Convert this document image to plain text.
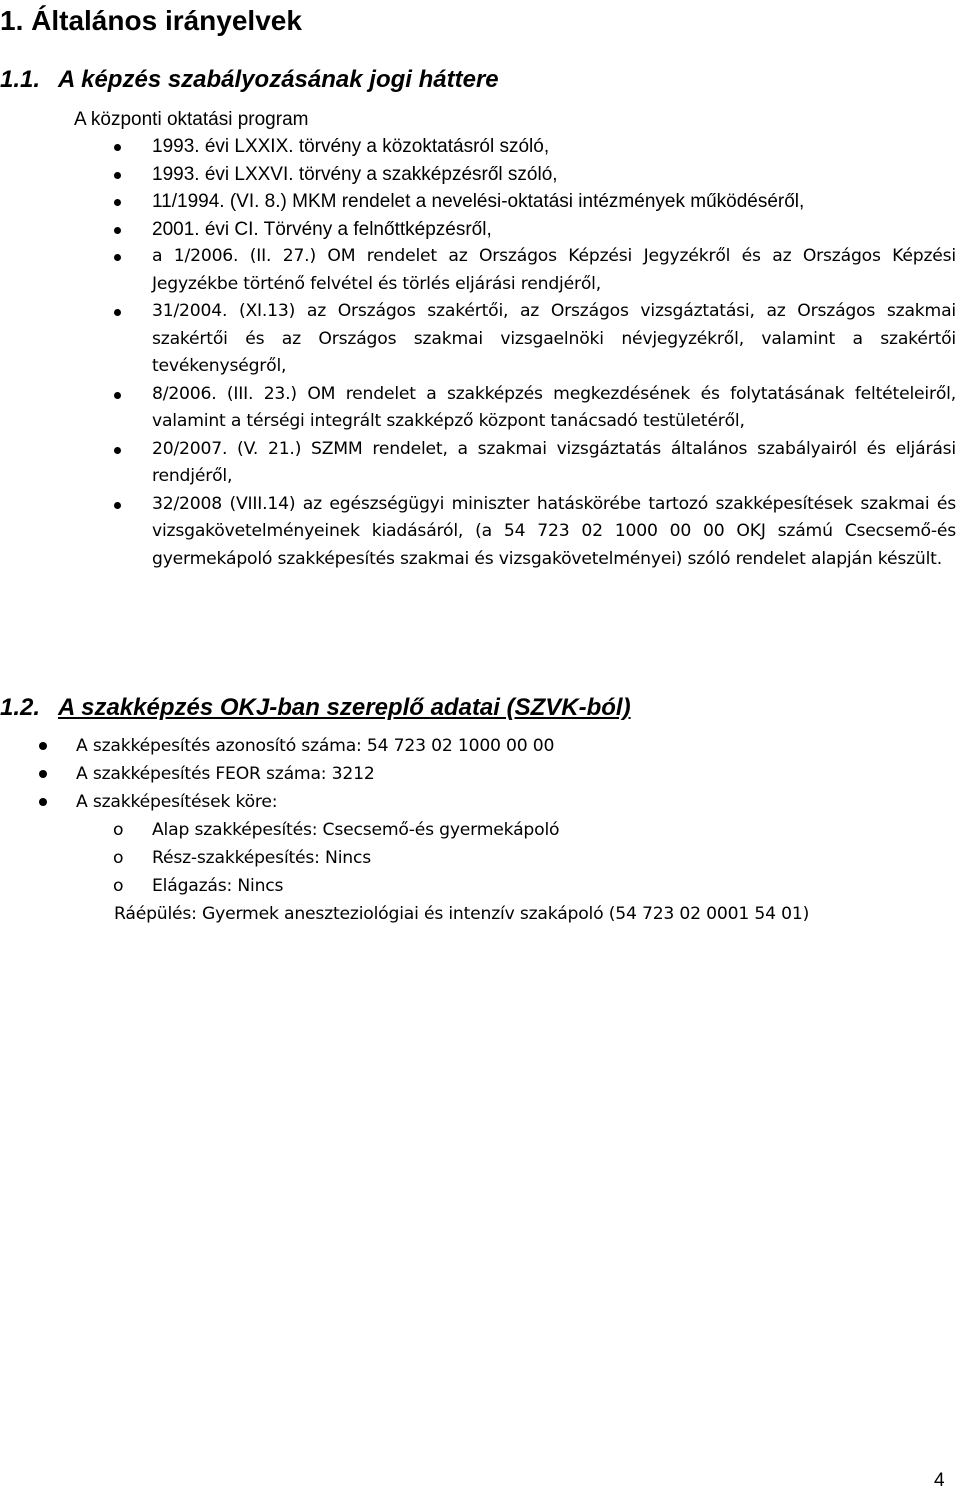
1. Általános irányelvek
1.1. A képzés szabályozásának jogi háttere

A központi oktatási program

1993. évi LXXIX. törvény a közoktatásról szóló,
1993. évi LXXVI. törvény a szakképzésről szóló,
11/1994. (VI. 8.) MKM rendelet a nevelési-oktatási intézmények működéséről,
2001. évi CI. Törvény a felnőttképzésről,
a 1/2006. (II. 27.) OM rendelet az Országos Képzési Jegyzékről és az Országos Képzési Jegyzékbe történő felvétel és törlés eljárási rendjéről,
31/2004. (XI.13) az Országos szakértői, az Országos vizsgáztatási, az Országos szakmai szakértői és az Országos szakmai vizsgaelnöki névjegyzékről, valamint a szakértői tevékenységről,
8/2006. (III. 23.) OM rendelet a szakképzés megkezdésének és folytatásának feltételeiről, valamint a térségi integrált szakképző központ tanácsadó testületéről,
20/2007. (V. 21.) SZMM rendelet, a szakmai vizsgáztatás általános szabályairól és eljárási rendjéről,
32/2008 (VIII.14) az egészségügyi miniszter hatáskörébe tartozó szakképesítések szakmai és vizsgakövetelményeinek kiadásáról, (a 54 723 02 1000 00 00 OKJ számú Csecsemő-és gyermekápoló szakképesítés szakmai és vizsgakövetelményei) szóló rendelet alapján készült.
1.2. A szakképzés OKJ-ban szereplő adatai (SZVK-ból)
A szakképesítés azonosító száma: 54 723 02 1000 00 00
A szakképesítés FEOR száma: 3212
A szakképesítések köre:
o Alap szakképesítés: Csecsemő-és gyermekápoló
o Rész-szakképesítés: Nincs
o Elágazás: Nincs
Ráépülés: Gyermek aneszteziológiai és intenzív szakápoló (54 723 02 0001 54 01)

4
